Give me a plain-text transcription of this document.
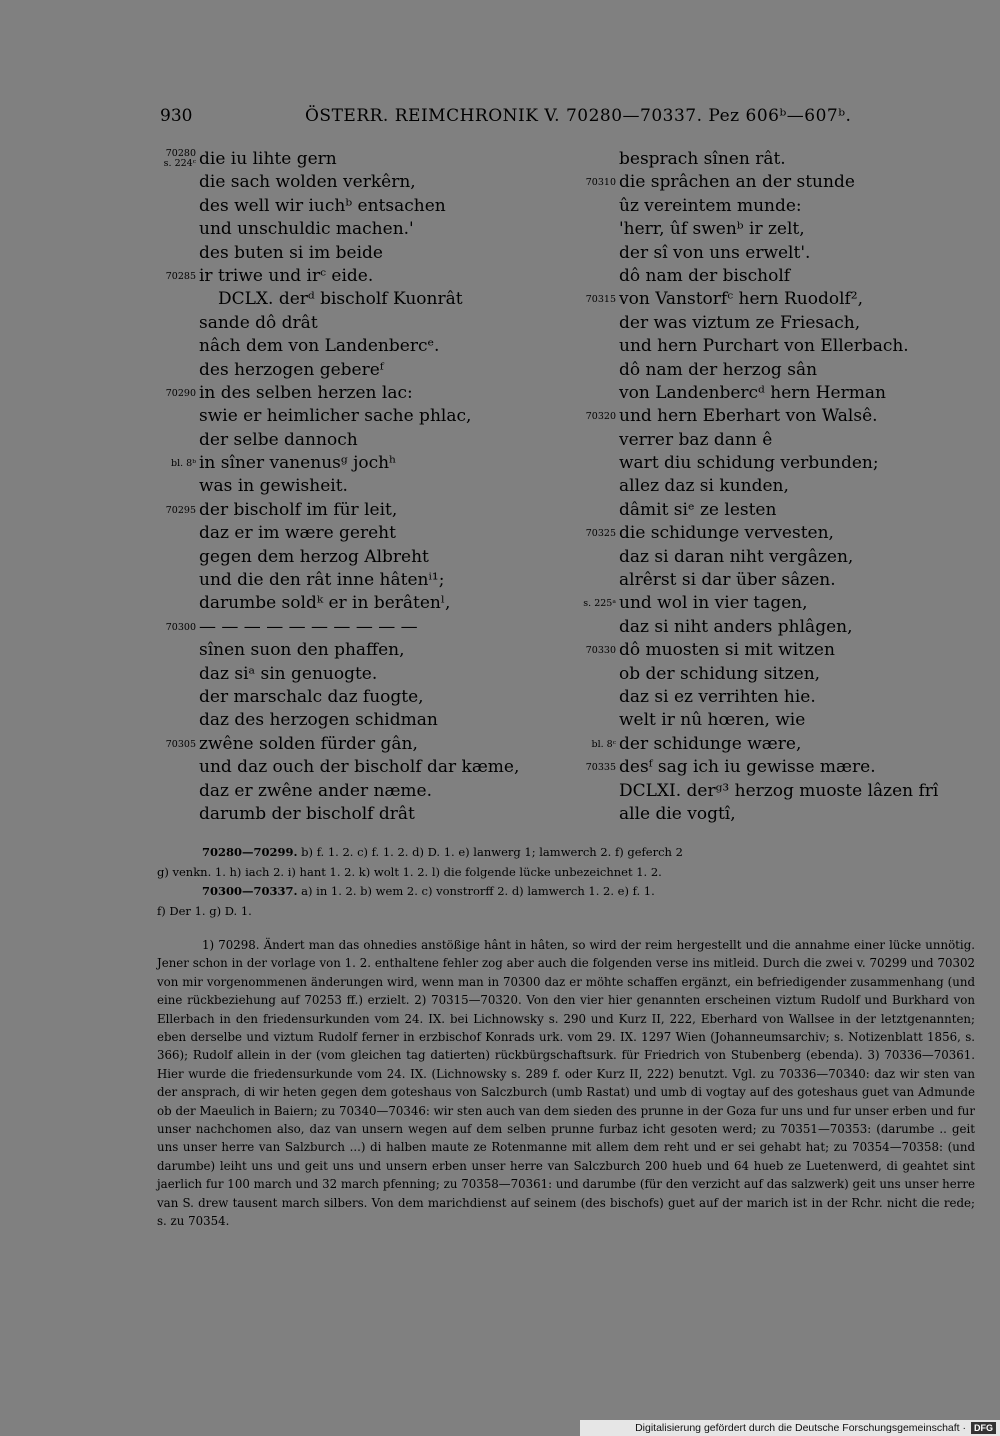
930	ÖSTERR. REIMCHRONIK V. 70280—70337. Pez 606ᵇ—607ᵇ.
70280
s. 224ᶜ die iu lihte gern
die sach wolden verkêrn,
des well wir iuchᵇ entsachen
und unschuldic machen.'
des buten si im beide
70285 ir triwe und irᶜ eide.
DCLX. derᵈ bischolf Kuonrât
sande dô drât
nâch dem von Landenbercᵉ.
des herzogen gebereᶠ
70290 in des selben herzen lac:
swie er heimlicher sache phlac,
der selbe dannoch
bl. 8ᵇ in sîner vanenusᵍ jochʰ
was in gewisheit.
70295 der bischolf im für leit,
daz er im wære gereht
gegen dem herzog Albreht
und die den rât inne hâtenⁱ¹;
darumbe soldᵏ er in berâtenˡ,
70300 — — — — — — — — — —
sînen suon den phaffen,
daz siᵃ sin genuogte.
der marschalc daz fuogte,
daz des herzogen schidman
70305 zwêne solden fürder gân,
und daz ouch der bischolf dar kæme,
daz er zwêne ander næme.
darumb der bischolf drât
besprach sînen rât.
70310 die sprâchen an der stunde
ûz vereintem munde:
'herr, ûf swenᵇ ir zelt,
der sî von uns erwelt'.
dô nam der bischolf
70315 von Vanstorfᶜ hern Ruodolf²,
der was viztum ze Friesach,
und hern Purchart von Ellerbach.
dô nam der herzog sân
von Landenbercᵈ hern Herman
70320 und hern Eberhart von Walsê.
verrer baz dann ê
wart diu schidung verbunden;
allez daz si kunden,
dâmit siᵉ ze lesten
70325 die schidunge vervesten,
daz si daran niht vergâzen,
alrêrst si dar über sâzen.
s. 225ᵃ und wol in vier tagen,
daz si niht anders phlâgen,
70330 dô muosten si mit witzen
ob der schidung sitzen,
daz si ez verrihten hie.
welt ir nû hœren, wie
bl. 8ᶜ der schidunge wære,
70335 desᶠ sag ich iu gewisse mære.
DCLXI. derᵍ³ herzog muoste lâzen frî
alle die vogtî,
70280—70299. b) f. 1. 2. c) f. 1. 2. d) D. 1. e) lanwerg 1; lamwerch 2. f) geferch 2
g) venkn. 1. h) iach 2. i) hant 1. 2. k) wolt 1. 2. l) die folgende lücke unbezeichnet 1. 2.
70300—70337. a) in 1. 2. b) wem 2. c) vonstrorff 2. d) lamwerch 1. 2. e) f. 1.
f) Der 1. g) D. 1.

1) 70298. Ändert man das ohnedies anstößige hânt in hâten, so wird der reim hergestellt und die annahme einer lücke unnötig. Jener schon in der vorlage von 1. 2. enthaltene fehler zog aber auch die folgenden verse ins mitleid. Durch die zwei v. 70299 und 70302 von mir vorgenommenen änderungen wird, wenn man in 70300 daz er möhte schaffen ergänzt, ein befriedigender zusammenhang (und eine rückbeziehung auf 70253 ff.) erzielt. 2) 70315—70320. Von den vier hier genannten erscheinen viztum Rudolf und Burkhard von Ellerbach in den friedensurkunden vom 24. IX. bei Lichnowsky s. 290 und Kurz II, 222, Eberhard von Wallsee in der letztgenannten; eben derselbe und viztum Rudolf ferner in erzbischof Konrads urk. vom 29. IX. 1297 Wien (Johanneumsarchiv; s. Notizenblatt 1856, s. 366); Rudolf allein in der (vom gleichen tag datierten) rückbürgschaftsurk. für Friedrich von Stubenberg (ebenda). 3) 70336—70361. Hier wurde die friedensurkunde vom 24. IX. (Lichnowsky s. 289 f. oder Kurz II, 222) benutzt. Vgl. zu 70336—70340: daz wir sten van der ansprach, di wir heten gegen dem goteshaus von Salczburch (umb Rastat) und umb di vogtay auf des goteshaus guet van Admunde ob der Maeulich in Baiern; zu 70340—70346: wir sten auch van dem sieden des prunne in der Goza fur uns und fur unser erben und fur unser nachchomen also, daz van unsern wegen auf dem selben prunne furbaz icht gesoten werd; zu 70351—70353: (darumbe .. geit uns unser herre van Salzburch ...) di halben maute ze Rotenmanne mit allem dem reht und er sei gehabt hat; zu 70354—70358: (und darumbe) leiht uns und geit uns und unsern erben unser herre van Salczburch 200 hueb und 64 hueb ze Luetenwerd, di geahtet sint jaerlich fur 100 march und 32 march pfenning; zu 70358—70361: und darumbe (für den verzicht auf das salzwerk) geit uns unser herre van S. drew tausent march silbers. Von dem marichdienst auf seinem (des bischofs) guet auf der marich ist in der Rchr. nicht die rede; s. zu 70354.

Digitalisierung gefördert durch die Deutsche Forschungsgemeinschaft · DFG
